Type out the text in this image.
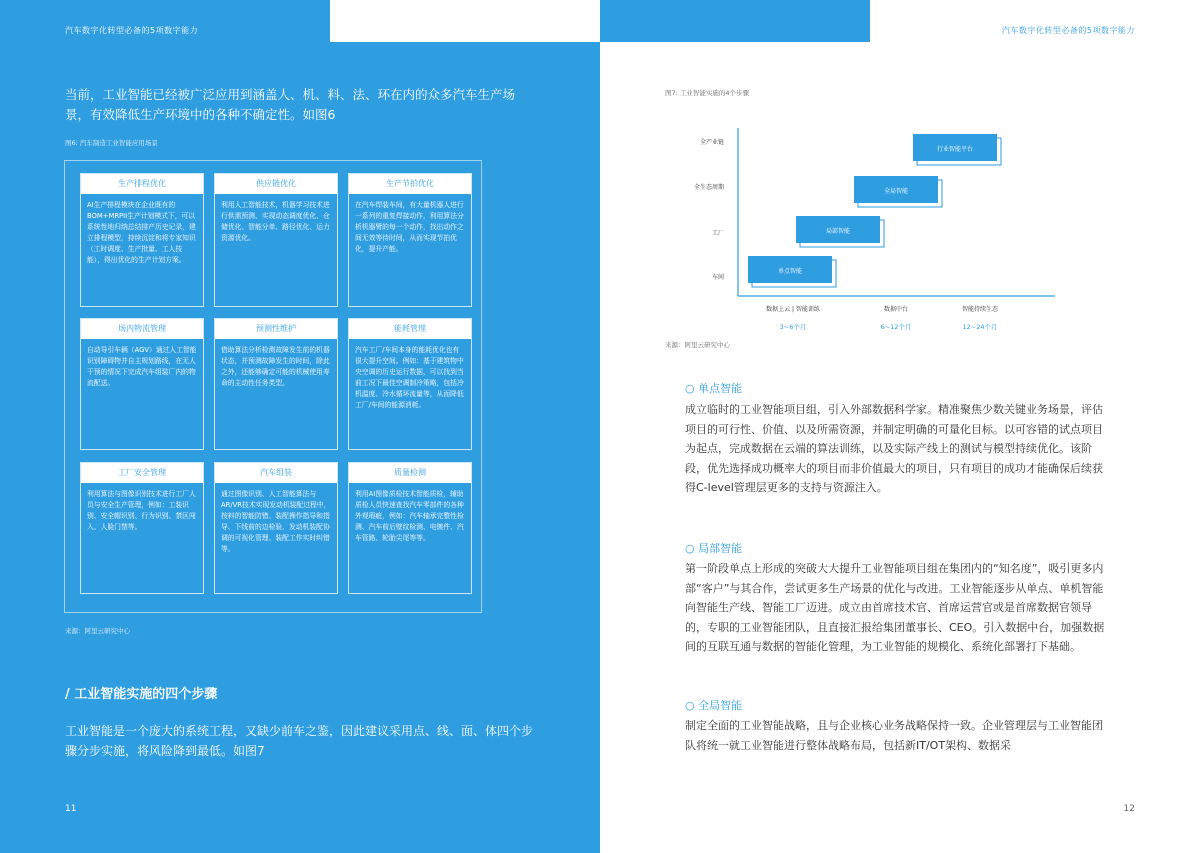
汽车数字化转型必备的5项数字能力
当前，工业智能已经被广泛应用到涵盖人、机、料、法、环在内的众多汽车生产场景，有效降低生产环境中的各种不确定性。如图6
图6: 汽车制造工业智能应用场景
生产排程优化
AI生产排程模块在企业既有的BOM+MRPII生产计划模式下，可以系统性地归纳总结排产历史记录，建立排程模型，持续沉淀和将专家知识（工时调度、生产批量、工人技能），得出优化的生产计划方案。
供应链优化
利用人工智能技术，机器学习技术进行供需预测、实现动态调度优化、仓储优化、智能分单、路径优化、运力资源优化。
生产节拍优化
在汽车焊装车间，有大量机器人进行一系列的重复焊接动作，利用算法分析机器臂的每一个动作，找出动作之间无效等待时间，从而实现节拍优化，提升产能。
场内物流管理
自动导引车辆（AGV）通过人工智能识别障碍物并自主规划路线，在无人干预的情况下完成汽车组装厂内的物流配送。
预测性维护
借助算法分析检测故障发生前的机器状态，并预测故障发生的时间，除此之外，还能够确定可能的机械使用寿命的主动性任务类型。
能耗管理
汽车工厂/车间本身的能耗优化也有很大提升空间。例如：基于建筑物中央空调的历史运行数据，可以找到当前工况下最佳空调制冷策略，包括冷机温度、冷水循环流量等，从而降低工厂/车间的能源消耗。
工厂安全管理
利用算法与图像识别技术进行工厂人员与安全生产管理，例如：工装识别、安全帽识别、行为识别、禁区闯入、人脸门禁等。
汽车组装
通过图像识别、人工智能算法与AR/VR技术实现发动机装配过程中，按料的智能防错、装配操作指导和指导、下线前的边检验、发动机装配协调的可视化管理、装配工作实时纠错等。
质量检测
利用AI图像质检技术智能质检，辅助质检人员快速查找汽车零部件的各种外观瑕疵，例如：汽车轴承完整性检测、汽车前后壁纹检测、电镀件、汽车管路、轮胎尖尾等等。
来源：阿里云研究中心
/ 工业智能实施的四个步骤
工业智能是一个庞大的系统工程，又缺少前车之鉴，因此建议采用点、线、面、体四个步骤分步实施，将风险降到最低。如图7
11
汽车数字化转型必备的5项数字能力
图7: 工业智能实施的4个步骤
全产业链
全生态周期
工厂
车间
行业智能平台
全局智能
局部智能
单点智能
数据上云 | 智能训练	数据中台	智能持续生态
3~6个月	6~12个月	12~24个月
来源：阿里云研究中心
○ 单点智能
成立临时的工业智能项目组，引入外部数据科学家。精准聚焦少数关键业务场景，评估项目的可行性、价值、以及所需资源，并制定明确的可量化目标。以可容错的试点项目为起点，完成数据在云端的算法训练，以及实际产线上的测试与模型持续优化。该阶段，优先选择成功概率大的项目而非价值最大的项目，只有项目的成功才能确保后续获得C-level管理层更多的支持与资源注入。
○ 局部智能
第一阶段单点上形成的突破大大提升工业智能项目组在集团内的“知名度”，吸引更多内部“客户”与其合作，尝试更多生产场景的优化与改进。工业智能逐步从单点、单机智能向智能生产线、智能工厂迈进。成立由首席技术官、首席运营官或是首席数据官领导的，专职的工业智能团队，且直接汇报给集团董事长、CEO。引入数据中台，加强数据间的互联互通与数据的智能化管理，为工业智能的规模化、系统化部署打下基础。
○ 全局智能
制定全面的工业智能战略，且与企业核心业务战略保持一致。企业管理层与工业智能团队将统一就工业智能进行整体战略布局，包括新IT/OT架构、数据采
12
